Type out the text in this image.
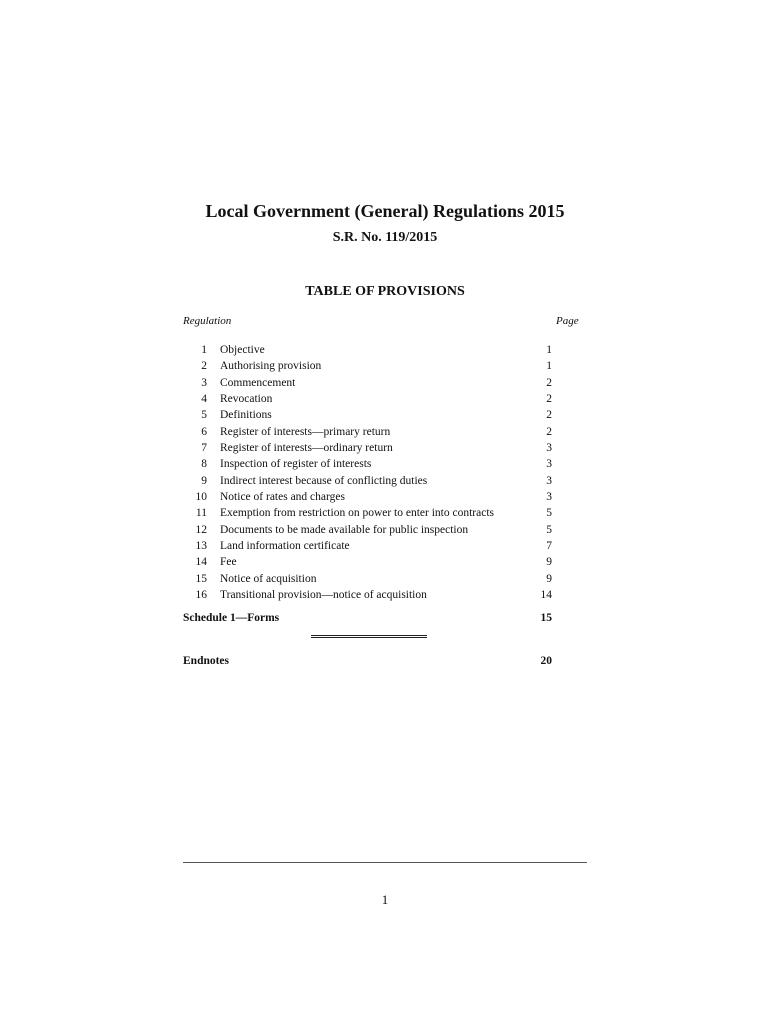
Local Government (General) Regulations 2015
S.R. No. 119/2015
TABLE OF PROVISIONS
Regulation	Page
1 Objective	1
2 Authorising provision	1
3 Commencement	2
4 Revocation	2
5 Definitions	2
6 Register of interests—primary return	2
7 Register of interests—ordinary return	3
8 Inspection of register of interests	3
9 Indirect interest because of conflicting duties	3
10 Notice of rates and charges	3
11 Exemption from restriction on power to enter into contracts	5
12 Documents to be made available for public inspection	5
13 Land information certificate	7
14 Fee	9
15 Notice of acquisition	9
16 Transitional provision—notice of acquisition	14
Schedule 1—Forms	15
Endnotes	20
1
